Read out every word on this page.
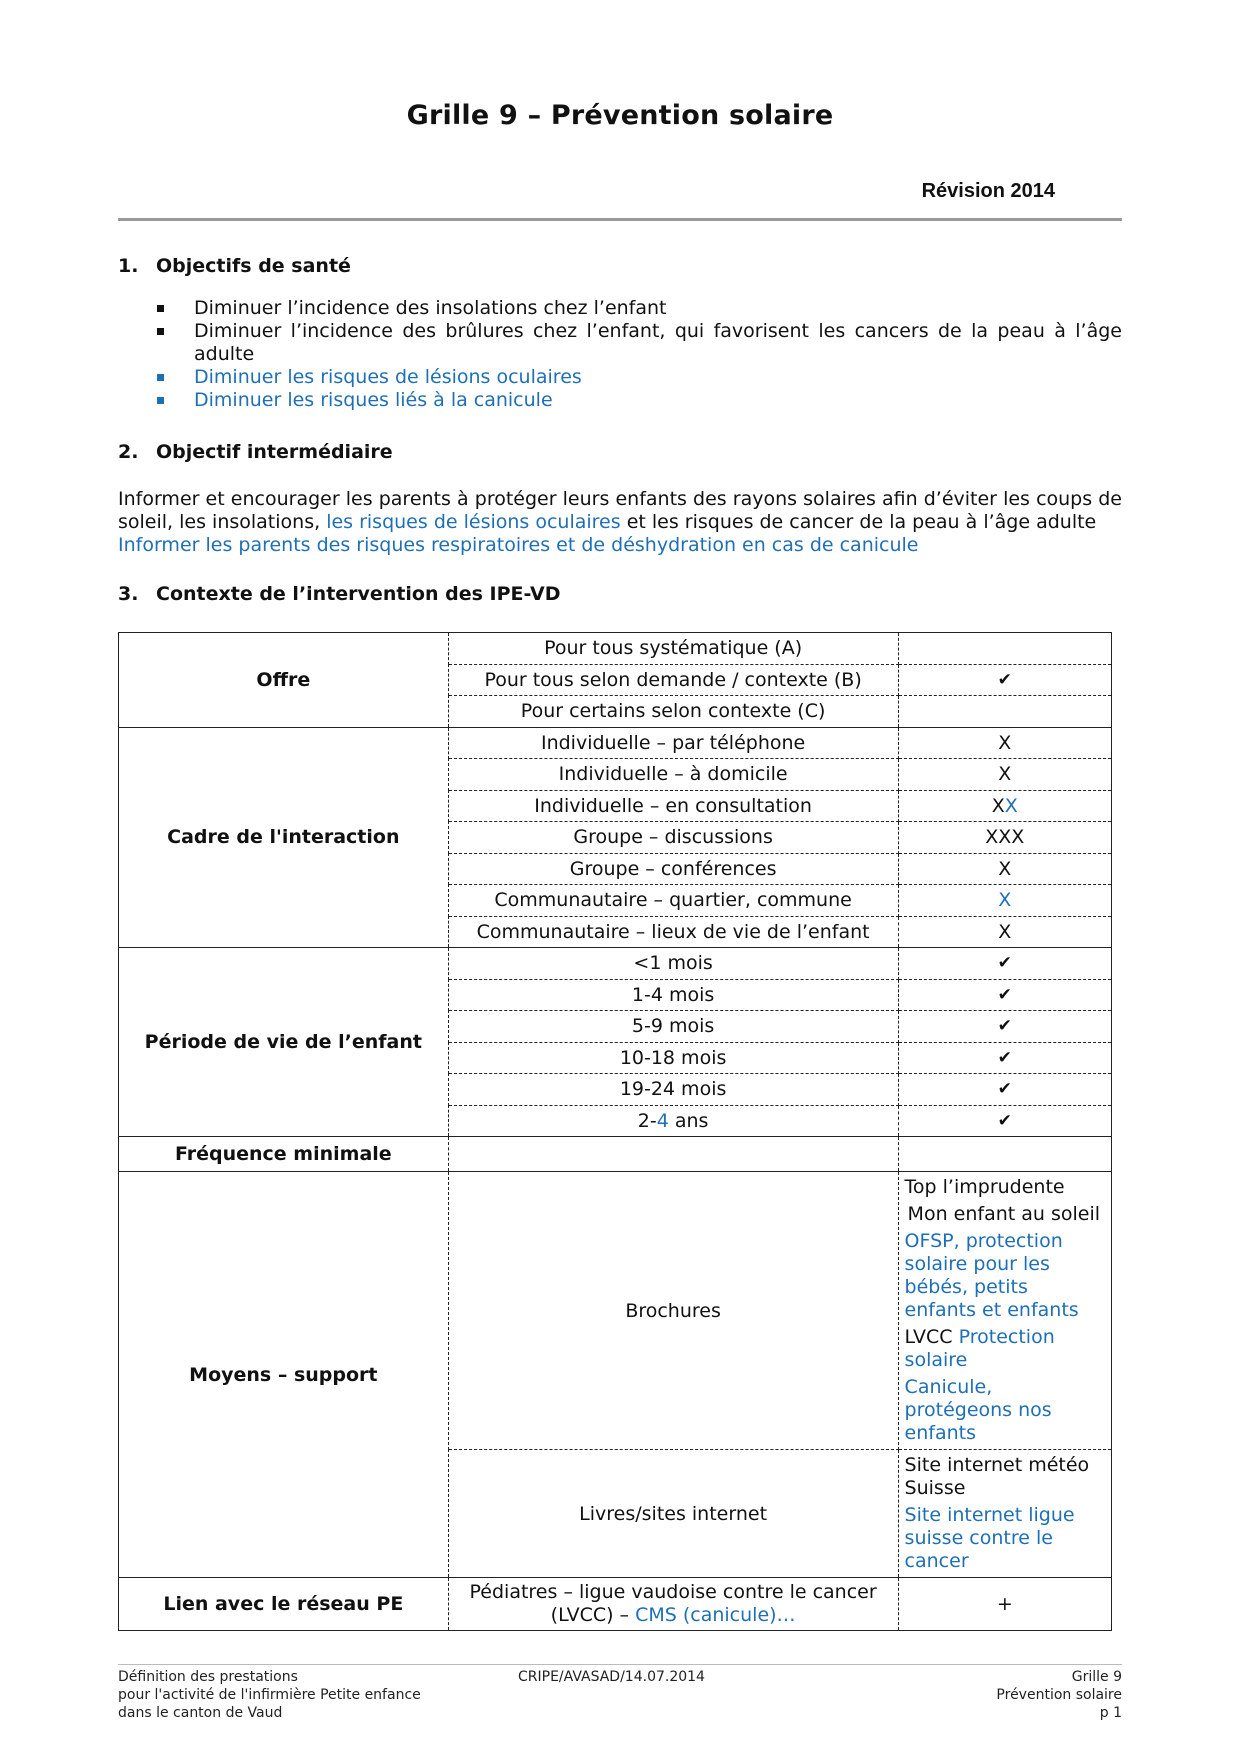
Grille 9 – Prévention solaire
Révision 2014
1. Objectifs de santé
Diminuer l’incidence des insolations chez l’enfant
Diminuer l’incidence des brûlures chez l’enfant, qui favorisent les cancers de la peau à l’âge adulte
Diminuer les risques de lésions oculaires
Diminuer les risques liés à la canicule
2. Objectif intermédiaire

Informer et encourager les parents à protéger leurs enfants des rayons solaires afin d’éviter les coups de soleil, les insolations, les risques de lésions oculaires et les risques de cancer de la peau à l’âge adulte

Informer les parents des risques respiratoires et de déshydration en cas de canicule

3. Contexte de l’intervention des IPE-VD
Offre	Pour tous systématique (A)	
	Pour tous selon demande / contexte (B)	✔
	Pour certains selon contexte (C)	
Cadre de l'interaction	Individuelle – par téléphone	X
	Individuelle – à domicile	X
	Individuelle – en consultation	XX
	Groupe – discussions	XXX
	Groupe – conférences	X
	Communautaire – quartier, commune	X
	Communautaire – lieux de vie de l’enfant	X
Période de vie de l’enfant	<1 mois	✔
	1-4 mois	✔
	5-9 mois	✔
	10-18 mois	✔
	19-24 mois	✔
	2-4 ans	✔
Fréquence minimale		
Moyens – support	Brochures	Top l’imprudente
Mon enfant au soleil
OFSP, protection solaire pour les bébés, petits enfants et enfants
LVCC Protection solaire
Canicule, protégeons nos enfants

	Livres/sites internet	Site internet météo Suisse
Site internet ligue suisse contre le cancer

Lien avec le réseau PE	Pédiatres – ligue vaudoise contre le cancer (LVCC) – CMS (canicule)…	+
Définition des prestations
pour l'activité de l'infirmière Petite enfance
dans le canton de Vaud
CRIPE/AVASAD/14.07.2014	Grille 9
Prévention solaire
p 1
